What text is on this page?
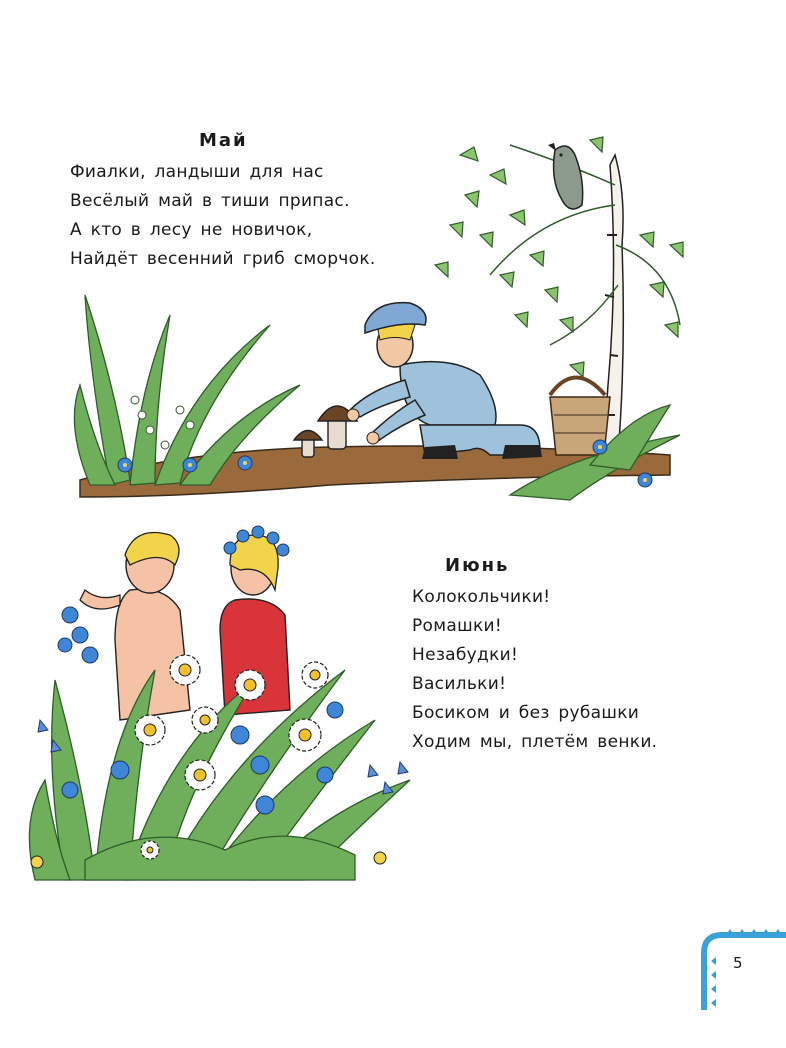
Май
Фиалки, ландыши для нас
Весёлый май в тиши припас.
А кто в лесу не новичок,
Найдёт весенний гриб сморчок.
Июнь
Колокольчики!
Ромашки!
Незабудки!
Васильки!
Босиком и без рубашки
Ходим мы, плетём венки.

5
